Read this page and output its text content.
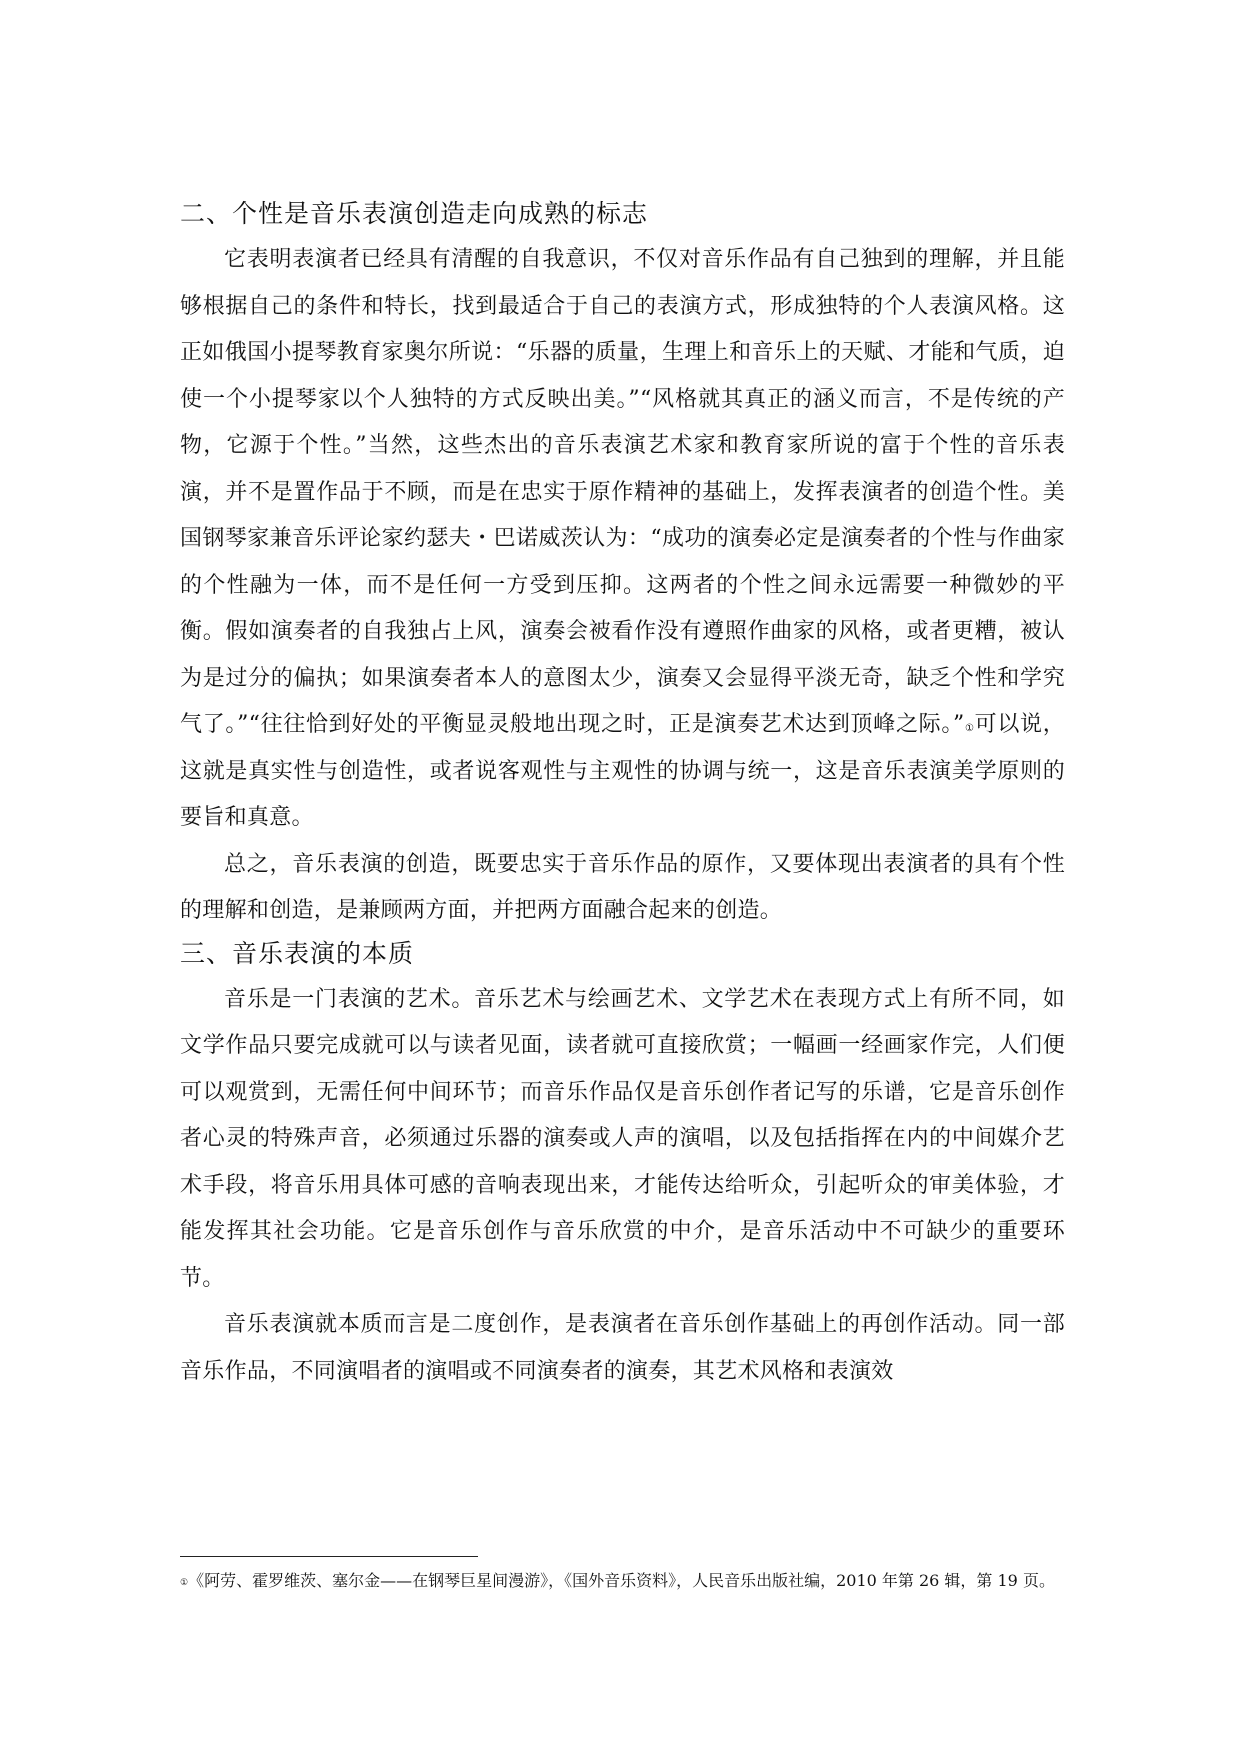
二、个性是音乐表演创造走向成熟的标志

它表明表演者已经具有清醒的自我意识，不仅对音乐作品有自己独到的理解，并且能够根据自己的条件和特长，找到最适合于自己的表演方式，形成独特的个人表演风格。这正如俄国小提琴教育家奥尔所说：“乐器的质量，生理上和音乐上的天赋、才能和气质，迫使一个小提琴家以个人独特的方式反映出美。”“风格就其真正的涵义而言，不是传统的产物，它源于个性。”当然，这些杰出的音乐表演艺术家和教育家所说的富于个性的音乐表演，并不是置作品于不顾，而是在忠实于原作精神的基础上，发挥表演者的创造个性。美国钢琴家兼音乐评论家约瑟夫・巴诺威茨认为：“成功的演奏必定是演奏者的个性与作曲家的个性融为一体，而不是任何一方受到压抑。这两者的个性之间永远需要一种微妙的平衡。假如演奏者的自我独占上风，演奏会被看作没有遵照作曲家的风格，或者更糟，被认为是过分的偏执；如果演奏者本人的意图太少，演奏又会显得平淡无奇，缺乏个性和学究气了。”“往往恰到好处的平衡显灵般地出现之时，正是演奏艺术达到顶峰之际。”①可以说，这就是真实性与创造性，或者说客观性与主观性的协调与统一，这是音乐表演美学原则的要旨和真意。

总之，音乐表演的创造，既要忠实于音乐作品的原作，又要体现出表演者的具有个性的理解和创造，是兼顾两方面，并把两方面融合起来的创造。

三、音乐表演的本质

音乐是一门表演的艺术。音乐艺术与绘画艺术、文学艺术在表现方式上有所不同，如文学作品只要完成就可以与读者见面，读者就可直接欣赏；一幅画一经画家作完，人们便可以观赏到，无需任何中间环节；而音乐作品仅是音乐创作者记写的乐谱，它是音乐创作者心灵的特殊声音，必须通过乐器的演奏或人声的演唱，以及包括指挥在内的中间媒介艺术手段，将音乐用具体可感的音响表现出来，才能传达给听众，引起听众的审美体验，才能发挥其社会功能。它是音乐创作与音乐欣赏的中介，是音乐活动中不可缺少的重要环节。

音乐表演就本质而言是二度创作，是表演者在音乐创作基础上的再创作活动。同一部音乐作品，不同演唱者的演唱或不同演奏者的演奏，其艺术风格和表演效

①《阿劳、霍罗维茨、塞尔金——在钢琴巨星间漫游》，《国外音乐资料》，人民音乐出版社编，2010 年第 26 辑，第 19 页。
